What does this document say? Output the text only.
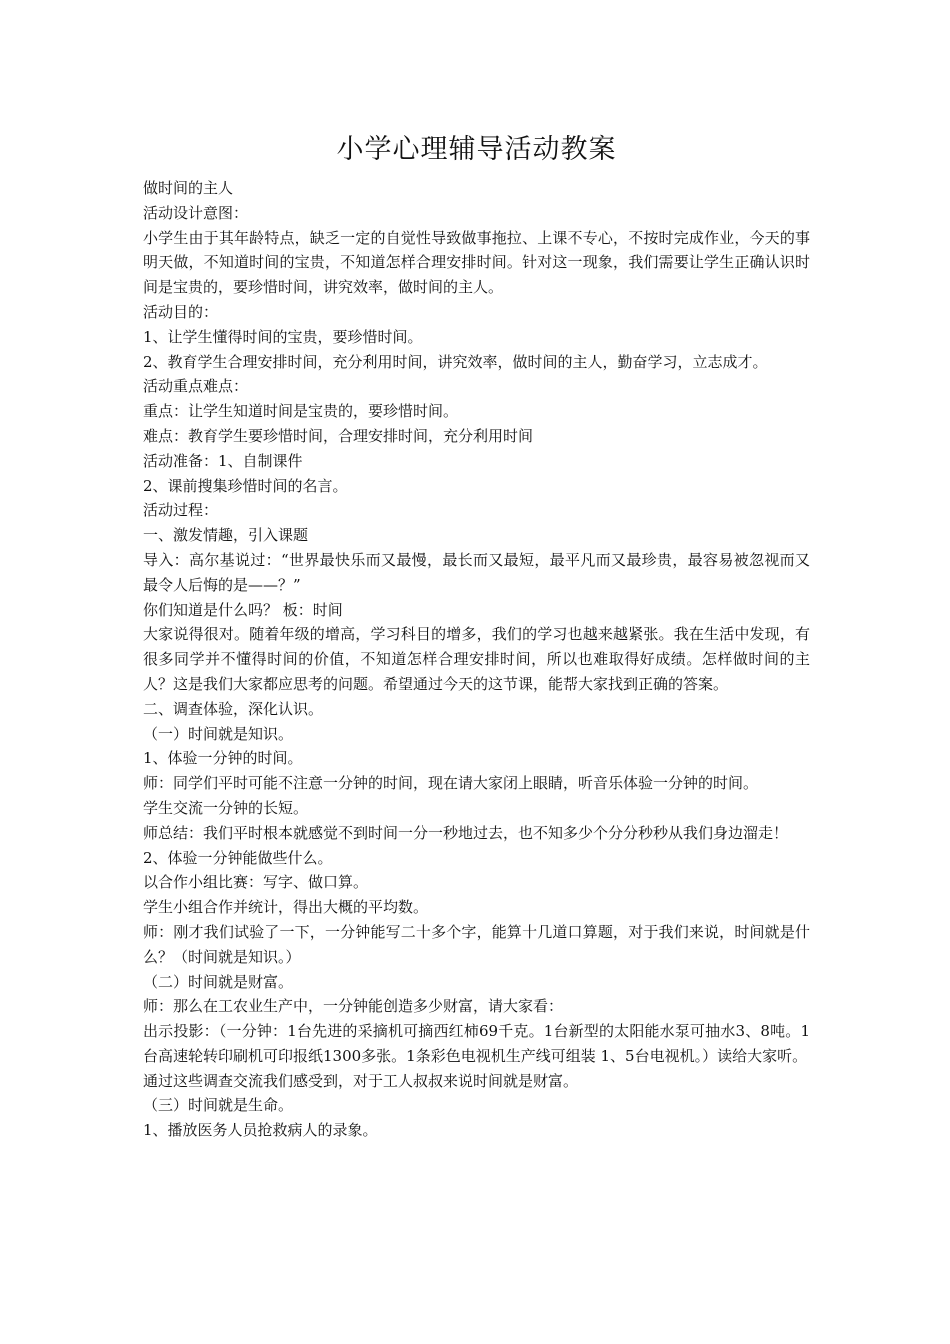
小学心理辅导活动教案

做时间的主人

活动设计意图：

小学生由于其年龄特点，缺乏一定的自觉性导致做事拖拉、上课不专心，不按时完成作业，今天的事明天做，不知道时间的宝贵，不知道怎样合理安排时间。针对这一现象，我们需要让学生正确认识时间是宝贵的，要珍惜时间，讲究效率，做时间的主人。

活动目的：

1、让学生懂得时间的宝贵，要珍惜时间。

2、教育学生合理安排时间，充分利用时间，讲究效率，做时间的主人，勤奋学习，立志成才。

活动重点难点：

重点：让学生知道时间是宝贵的，要珍惜时间。

难点：教育学生要珍惜时间，合理安排时间，充分利用时间

活动准备：1、自制课件

2、课前搜集珍惜时间的名言。

活动过程：

一、激发情趣，引入课题

导入：高尔基说过：“世界最快乐而又最慢，最长而又最短，最平凡而又最珍贵，最容易被忽视而又最令人后悔的是——？”

你们知道是什么吗？ 板：时间

大家说得很对。随着年级的增高，学习科目的增多，我们的学习也越来越紧张。我在生活中发现，有很多同学并不懂得时间的价值，不知道怎样合理安排时间，所以也难取得好成绩。怎样做时间的主人？这是我们大家都应思考的问题。希望通过今天的这节课，能帮大家找到正确的答案。

二、调查体验，深化认识。

（一）时间就是知识。

1、体验一分钟的时间。

师：同学们平时可能不注意一分钟的时间，现在请大家闭上眼睛，听音乐体验一分钟的时间。

学生交流一分钟的长短。

师总结：我们平时根本就感觉不到时间一分一秒地过去，也不知多少个分分秒秒从我们身边溜走！

2、体验一分钟能做些什么。

以合作小组比赛：写字、做口算。

学生小组合作并统计，得出大概的平均数。

师：刚才我们试验了一下，一分钟能写二十多个字，能算十几道口算题，对于我们来说，时间就是什么？（时间就是知识。）

（二）时间就是财富。

师：那么在工农业生产中，一分钟能创造多少财富，请大家看：

出示投影：（一分钟：1台先进的采摘机可摘西红柿69千克。1台新型的太阳能水泵可抽水3、8吨。1台高速轮转印刷机可印报纸1300多张。1条彩色电视机生产线可组装 1、5台电视机。）读给大家听。

通过这些调查交流我们感受到，对于工人叔叔来说时间就是财富。

（三）时间就是生命。

1、播放医务人员抢救病人的录象。
